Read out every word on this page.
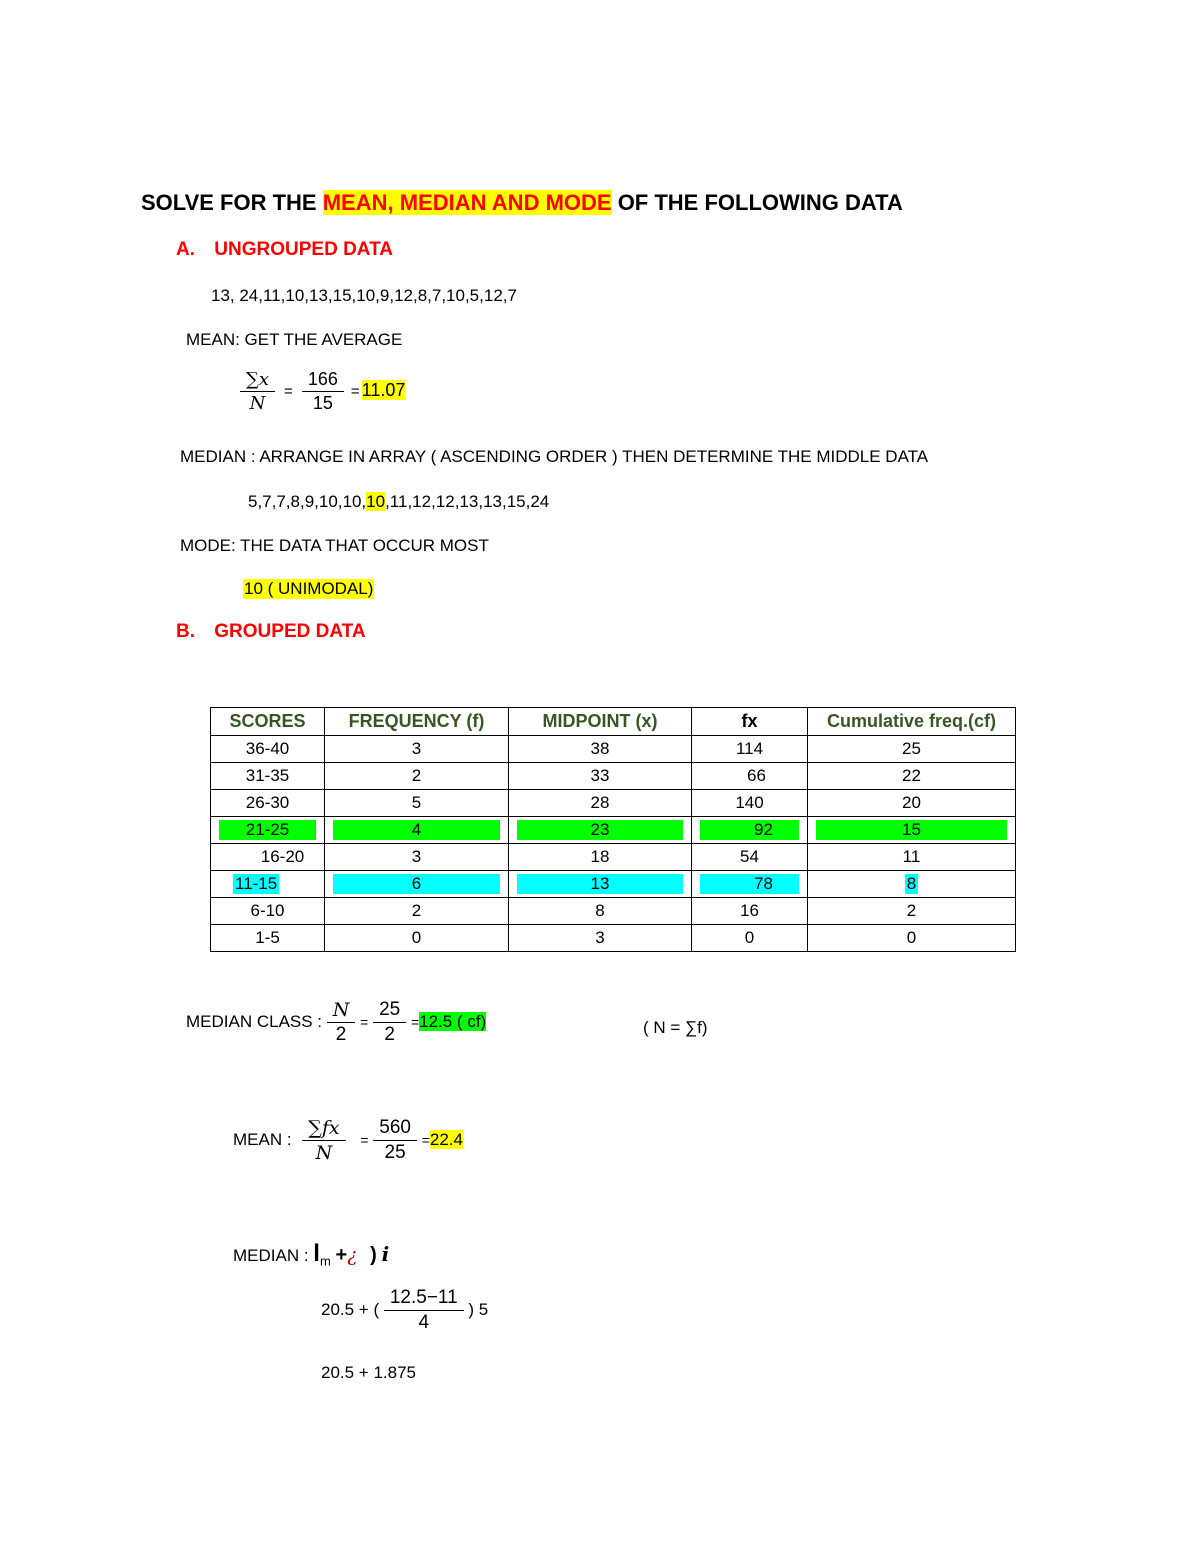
SOLVE FOR THE MEAN, MEDIAN AND MODE OF THE FOLLOWING DATA
A. UNGROUPED DATA
13, 24,11,10,13,15,10,9,12,8,7,10,5,12,7
MEAN: GET THE AVERAGE
$\frac{\sum x}{N} = \frac{166}{15} = 11.07$
MEDIAN : ARRANGE IN ARRAY ( ASCENDING ORDER ) THEN DETERMINE THE MIDDLE DATA
5,7,7,8,9,10,10,10,11,12,12,13,13,15,24
MODE: THE DATA THAT OCCUR MOST
10 ( UNIMODAL)
B. GROUPED DATA
SCORES	FREQUENCY (f)	MIDPOINT (x)	fx	Cumulative freq.(cf)
36-40	3	38	114	25
31-35	2	33	66	22
26-30	5	28	140	20

21-25	4	23	92	15

16-20	3	18	54	11
11-15	6	13	78	8
6-10	2	8	16	2
1-5	0	3	0	0
MEDIAN CLASS : $\frac{N}{2} = \frac{25}{2} =12.5$ ( cf)	( N = ∑f)
MEAN : $\frac{\sum fx}{N} = \frac{560}{25} =22.4$
MEDIAN : $l_m$ +¿ ) i
20.5 + ( $\frac{12.5-11}{4}$ ) 5
20.5 + 1.875
